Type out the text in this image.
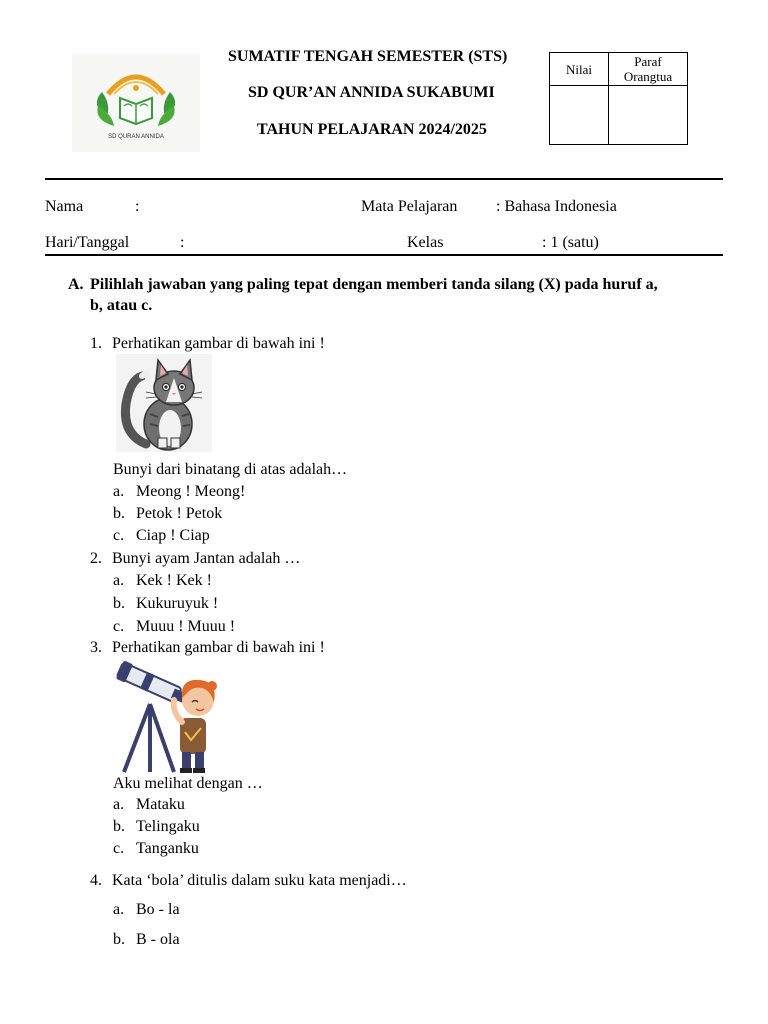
SD QURAN ANNIDA
SUMATIF TENGAH SEMESTER (STS)
SD QUR’AN ANNIDA SUKABUMI
TAHUN PELAJARAN 2024/2025
Nilai	Paraf
Orangtua

Nama	:	Mata Pelajaran : Bahasa Indonesia
Hari/Tanggal	:	Kelas	: 1 (satu)
A. Pilihlah jawaban yang paling tepat dengan memberi tanda silang (X) pada huruf a,
b, atau c.
1. Perhatikan gambar di bawah ini !
Bunyi dari binatang di atas adalah…
a. Meong ! Meong!
b. Petok ! Petok
c. Ciap ! Ciap
2. Bunyi ayam Jantan adalah …
a. Kek ! Kek !
b. Kukuruyuk !
c. Muuu ! Muuu !
3. Perhatikan gambar di bawah ini !
Aku melihat dengan …
a. Mataku
b. Telingaku
c. Tanganku
4. Kata ‘bola’ ditulis dalam suku kata menjadi…
a. Bo - la
b. B - ola
